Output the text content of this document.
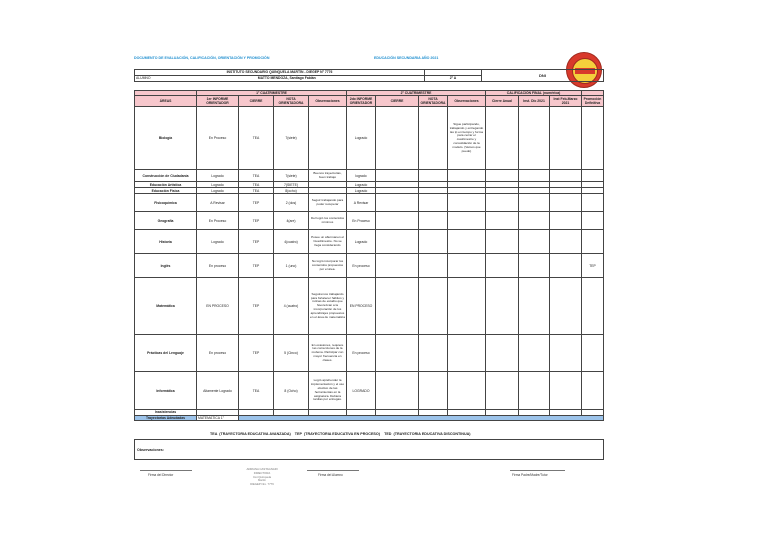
DOCUMENTO DE EVALUACIÓN, CALIFICACIÓN, ORIENTACIÓN Y PROMOCIÓN	EDUCACIÓN SECUNDARIA AÑO 2021
INSTITUTO SECUNDARIO QUINQUELA MARTÍN - DIEGEP N° 7776		DNI

ALUMNO MATTO MENDOZA, Santiago Fabián	2° A	
	1° CUATRIMESTRE				2° CUATRIMESTRE				CALIFICACIÓN FINAL (numérica)			
ÁREAS	1er INFORME ORIENTADOR	CIERRE	NOTA ORIENTADORA	Observaciones	2do INFORME ORIENTADOR	CIERRE	NOTA ORIENTADORA	Observaciones	Cierre Anual	Inst. Dic 2021	Inst Feb-Marzo 2021	Promoción Definitiva
Biología	En Proceso	TEA	7(siete)		Logrado			Sigue participando, trabajando y entregando las tp en tiempo y forma para cerrar el cuatrimestre y consolidación de la modelo. (Vamos que puedo)				
Construcción de Ciudadanía	Logrado	TEA	7(siete)	Buenos trayectorias, buen trabajo	logrado							
Educación Artística	Logrado	TEA	7(SIETE)		Logrado							
Educación Física	Logrado	TEA	8(ocho)		Logrado							
Fisicoquímica	A Revisar	TEP	2 (dos)	Seguir trabajando para poder recuperar	A Revisar							
Geografía	En Proceso	TEP	4(are)	Del logró los contenidos mínimos	En Proceso							
Historia	Logrado	TEP	4(cuatro)	Posee un aftermanen el Cuadrimestre. No se llega considerando	Logrado							
Inglés	En proceso	TEP	1 (uno)	No logró incorporar los contenidos propuestos por el área.	En proceso							TEP
Matemática	EN PROCESO	TEP	4 (cuatro)	Seguiremos trabajando para fortalecer hábitos y rutinas de estudio que favorezcan a la incorporación de los aprendizajes propuestos en el área de matemática	EN PROCESO							
Prácticas del Lenguaje	En proceso	TEP	5 (Cinco)	En ocasiones, requiere las correcciones de la mufema. Participar con mayor frecuencia en clases.	En proceso							
Informática	Altamente Logrado	TEA	8 (Ocho)	Logró aprehender la implementación y el uso efectivo de las herramientas en la asignatura. Debiera tardías por entregas.	LOGRADO							
Inasistencias												
Trayectorias Adeudadas	MATEMÁTICA 1°											
TEA  (TRAYECTORIA EDUCATIVA AVANZADA)    TEP  (TRAYECTORIA EDUCATIVA EN PROCESO)    TED  (TRAYECTORIA EDUCATIVA DISCONTINUA)
Observaciones:
Firma del Director
ADRIANA CASTAGNARI
DIRECTORA
Inst Quinquela
Martín
DIEGEP Nro. 7776
Firma del Alumno	Firma Padre/Madre/Tutor
